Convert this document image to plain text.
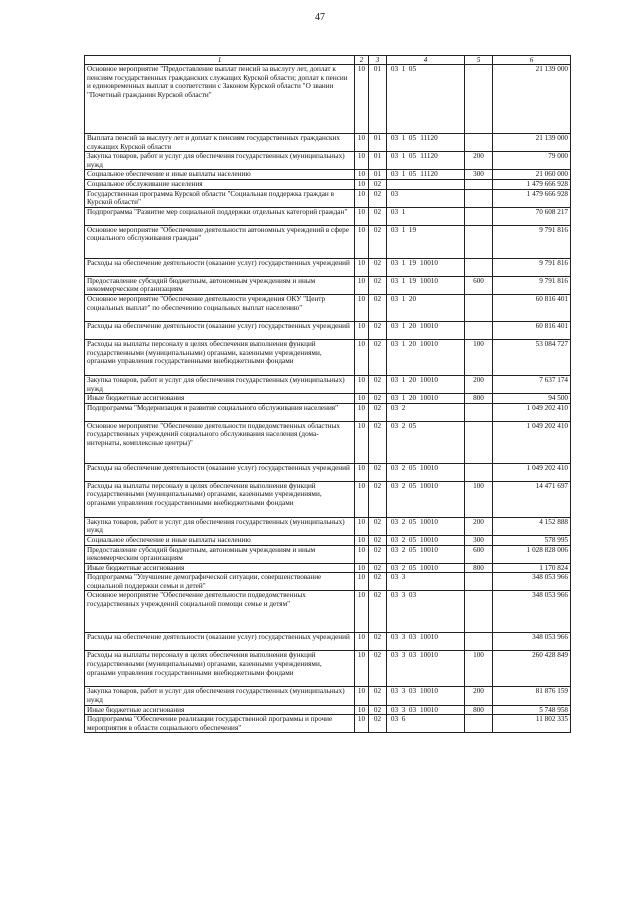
47
1	2	3	4	5	6
Основное мероприятие "Предоставление выплат пенсий за выслугу лет, доплат к пенсиям государственных гражданских служащих Курской области; доплат к пенсии и единовременных выплат в соответствии с Законом Курской области "О звании "Почетный гражданин Курской области"	10	01	03 1 05		21 139 000
Выплата пенсий за выслугу лет и доплат к пенсиям государственных гражданских служащих Курской области	10	01	03 1 05 11120		21 139 000
Закупка товаров, работ и услуг для обеспечения государственных (муниципальных) нужд	10	01	03 1 05 11120	200	79 000
Социальное обеспечение и иные выплаты населению	10	01	03 1 05 11120	300	21 060 000
Социальное обслуживание населения	10	02			1 479 666 928
Государственная программа Курской области "Социальная поддержка граждан в Курской области"	10	02	03		1 479 666 928
Подпрограмма "Развитие мер социальной поддержки отдельных категорий граждан"	10	02	03 1		70 608 217
Основное мероприятие "Обеспечение деятельности автономных учреждений в сфере социального обслуживания граждан"	10	02	03 1 19		9 791 816
Расходы на обеспечение деятельности (оказание услуг) государственных учреждений	10	02	03 1 19 10010		9 791 816
Предоставление субсидий бюджетным, автономным учреждениям и иным некоммерческим организациям	10	02	03 1 19 10010	600	9 791 816
Основное мероприятие "Обеспечение деятельности учреждения ОКУ "Центр социальных выплат" по обеспечению социальных выплат населению"	10	02	03 1 20		60 816 401
Расходы на обеспечение деятельности (оказание услуг) государственных учреждений	10	02	03 1 20 10010		60 816 401
Расходы на выплаты персоналу в целях обеспечения выполнения функций государственными (муниципальными) органами, казенными учреждениями, органами управления государственными внебюджетными фондами	10	02	03 1 20 10010	100	53 084 727
Закупка товаров, работ и услуг для обеспечения государственных (муниципальных) нужд	10	02	03 1 20 10010	200	7 637 174
Иные бюджетные ассигнования	10	02	03 1 20 10010	800	94 500
Подпрограмма "Модернизация и развитие социального обслуживания населения"	10	02	03 2		1 049 202 410
Основное мероприятие "Обеспечение деятельности подведомственных областных государственных учреждений социального обслуживания населения (дома-интернаты, комплексные центры)"	10	02	03 2 05		1 049 202 410
Расходы на обеспечение деятельности (оказание услуг) государственных учреждений	10	02	03 2 05 10010		1 049 202 410
Расходы на выплаты персоналу в целях обеспечения выполнения функций государственными (муниципальными) органами, казенными учреждениями, органами управления государственными внебюджетными фондами	10	02	03 2 05 10010	100	14 471 697
Закупка товаров, работ и услуг для обеспечения государственных (муниципальных) нужд	10	02	03 2 05 10010	200	4 152 888
Социальное обеспечение и иные выплаты населению	10	02	03 2 05 10010	300	578 995
Предоставление субсидий бюджетным, автономным учреждениям и иным некоммерческим организациям	10	02	03 2 05 10010	600	1 028 828 006
Иные бюджетные ассигнования	10	02	03 2 05 10010	800	1 170 824
Подпрограмма "Улучшение демографической ситуации, совершенствование социальной поддержки семьи и детей"	10	02	03 3		348 053 966
Основное мероприятие "Обеспечение деятельности подведомственных государственных учреждений социальной помощи семье и детям"	10	02	03 3 03		348 053 966
Расходы на обеспечение деятельности (оказание услуг) государственных учреждений	10	02	03 3 03 10010		348 053 966
Расходы на выплаты персоналу в целях обеспечения выполнения функций государственными (муниципальными) органами, казенными учреждениями, органами управления государственными внебюджетными фондами	10	02	03 3 03 10010	100	260 428 849
Закупка товаров, работ и услуг для обеспечения государственных (муниципальных) нужд	10	02	03 3 03 10010	200	81 876 159
Иные бюджетные ассигнования	10	02	03 3 03 10010	800	5 748 958
Подпрограмма "Обеспечение реализации государственной программы и прочие мероприятия в области социального обеспечения"	10	02	03 6		11 802 335
